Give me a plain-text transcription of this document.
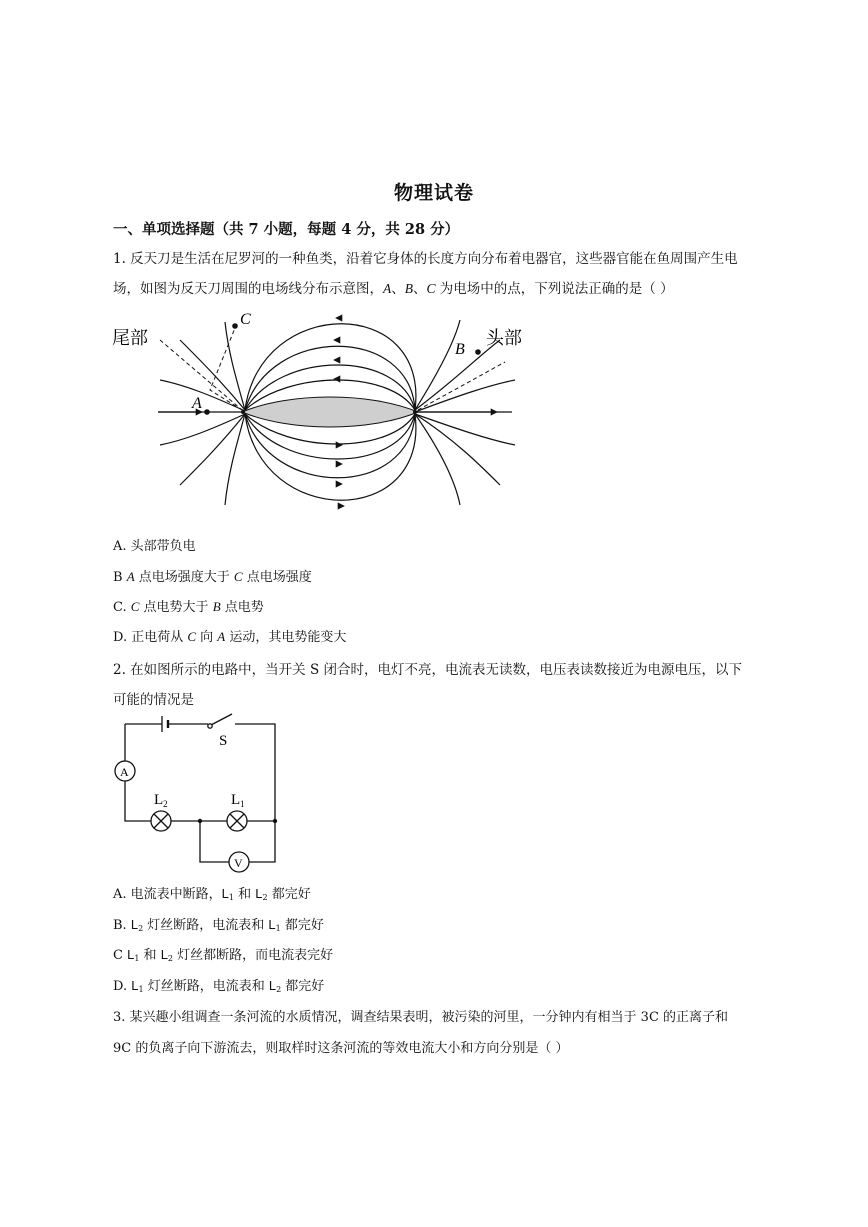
物理试卷
一、单项选择题（共 7 小题，每题 4 分，共 28 分）
1. 反天刀是生活在尼罗河的一种鱼类，沿着它身体的长度方向分布着电器官，这些器官能在鱼周围产生电
场，如图为反天刀周围的电场线分布示意图，A、B、C 为电场中的点，下列说法正确的是（ ）
尾部	头部
A
C
B
A. 头部带负电
B A 点电场强度大于 C 点电场强度
C. C 点电势大于 B 点电势
D. 正电荷从 C 向 A 运动，其电势能变大
2. 在如图所示的电路中，当开关 S 闭合时，电灯不亮，电流表无读数，电压表读数接近为电源电压，以下
可能的情况是
S
A
V
$L_2$	$L_1$
A. 电流表中断路，$L_1$ 和 $L_2$ 都完好
B. $L_2$ 灯丝断路，电流表和 $L_1$ 都完好
C $L_1$ 和 $L_2$ 灯丝都断路，而电流表完好
D. $L_1$ 灯丝断路，电流表和 $L_2$ 都完好
3. 某兴趣小组调查一条河流的水质情况，调查结果表明，被污染的河里，一分钟内有相当于 3C 的正离子和
9C 的负离子向下游流去，则取样时这条河流的等效电流大小和方向分别是（ ）
